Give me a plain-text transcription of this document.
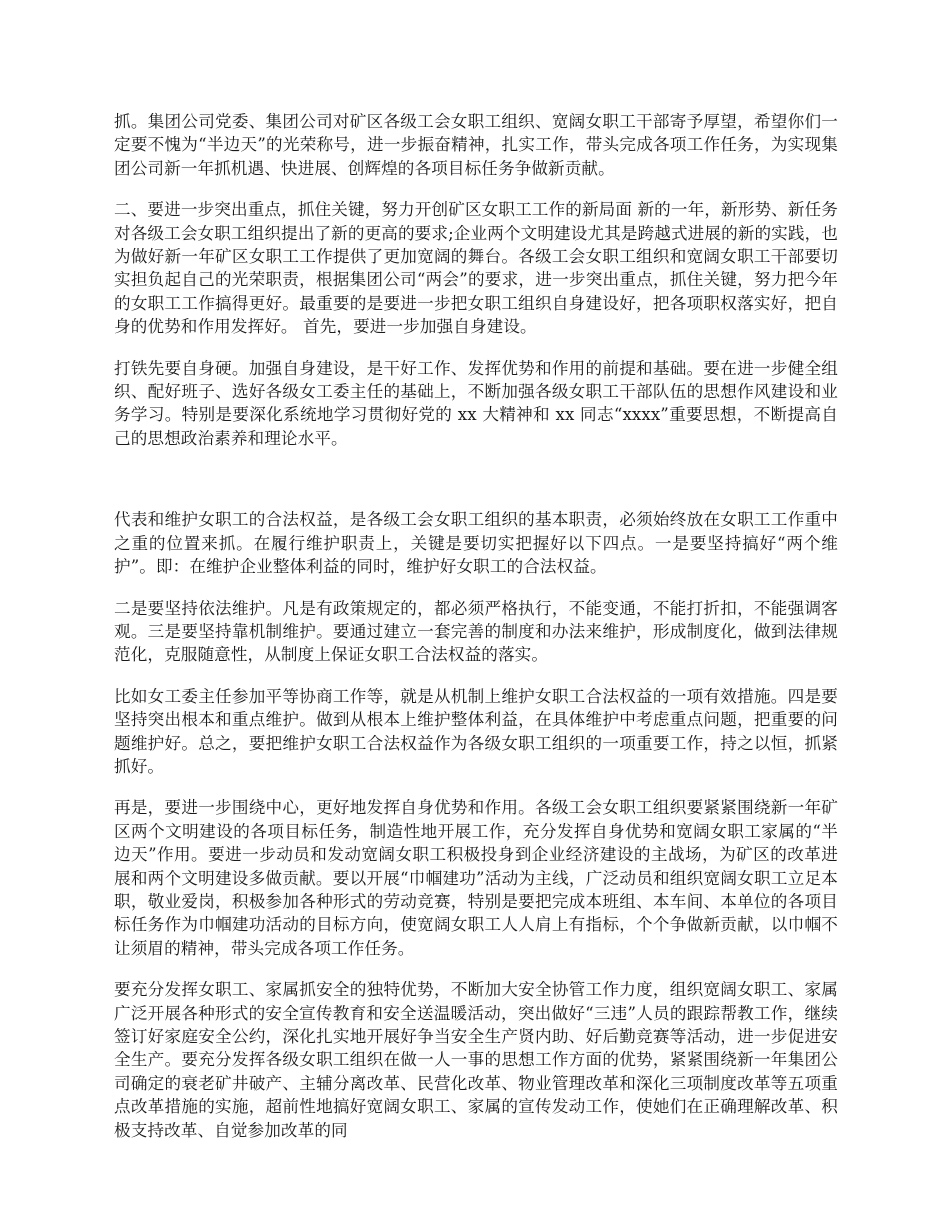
抓。集团公司党委、集团公司对矿区各级工会女职工组织、宽阔女职工干部寄予厚望，希望你们一定要不愧为“半边天”的光荣称号，进一步振奋精神，扎实工作，带头完成各项工作任务，为实现集团公司新一年抓机遇、快进展、创辉煌的各项目标任务争做新贡献。

二、要进一步突出重点，抓住关键，努力开创矿区女职工工作的新局面 新的一年，新形势、新任务对各级工会女职工组织提出了新的更高的要求;企业两个文明建设尤其是跨越式进展的新的实践，也为做好新一年矿区女职工工作提供了更加宽阔的舞台。各级工会女职工组织和宽阔女职工干部要切实担负起自己的光荣职责，根据集团公司“两会”的要求，进一步突出重点，抓住关键，努力把今年的女职工工作搞得更好。最重要的是要进一步把女职工组织自身建设好，把各项职权落实好，把自身的优势和作用发挥好。 首先，要进一步加强自身建设。

打铁先要自身硬。加强自身建设，是干好工作、发挥优势和作用的前提和基础。要在进一步健全组织、配好班子、选好各级女工委主任的基础上，不断加强各级女职工干部队伍的思想作风建设和业务学习。特别是要深化系统地学习贯彻好党的 xx 大精神和 xx 同志“xxxx”重要思想，不断提高自己的思想政治素养和理论水平。

代表和维护女职工的合法权益，是各级工会女职工组织的基本职责，必须始终放在女职工工作重中之重的位置来抓。在履行维护职责上，关键是要切实把握好以下四点。一是要坚持搞好“两个维护”。即：在维护企业整体利益的同时，维护好女职工的合法权益。

二是要坚持依法维护。凡是有政策规定的，都必须严格执行，不能变通，不能打折扣，不能强调客观。三是要坚持靠机制维护。要通过建立一套完善的制度和办法来维护，形成制度化，做到法律规范化，克服随意性，从制度上保证女职工合法权益的落实。

比如女工委主任参加平等协商工作等，就是从机制上维护女职工合法权益的一项有效措施。四是要坚持突出根本和重点维护。做到从根本上维护整体利益，在具体维护中考虑重点问题，把重要的问题维护好。总之，要把维护女职工合法权益作为各级女职工组织的一项重要工作，持之以恒，抓紧抓好。

再是，要进一步围绕中心，更好地发挥自身优势和作用。各级工会女职工组织要紧紧围绕新一年矿区两个文明建设的各项目标任务，制造性地开展工作，充分发挥自身优势和宽阔女职工家属的“半边天”作用。要进一步动员和发动宽阔女职工积极投身到企业经济建设的主战场，为矿区的改革进展和两个文明建设多做贡献。要以开展“巾帼建功”活动为主线，广泛动员和组织宽阔女职工立足本职，敬业爱岗，积极参加各种形式的劳动竞赛，特别是要把完成本班组、本车间、本单位的各项目标任务作为巾帼建功活动的目标方向，使宽阔女职工人人肩上有指标，个个争做新贡献，以巾帼不让须眉的精神，带头完成各项工作任务。

要充分发挥女职工、家属抓安全的独特优势，不断加大安全协管工作力度，组织宽阔女职工、家属广泛开展各种形式的安全宣传教育和安全送温暖活动，突出做好“三违”人员的跟踪帮教工作，继续签订好家庭安全公约，深化扎实地开展好争当安全生产贤内助、好后勤竞赛等活动，进一步促进安全生产。要充分发挥各级女职工组织在做一人一事的思想工作方面的优势，紧紧围绕新一年集团公司确定的衰老矿井破产、主辅分离改革、民营化改革、物业管理改革和深化三项制度改革等五项重点改革措施的实施，超前性地搞好宽阔女职工、家属的宣传发动工作，使她们在正确理解改革、积极支持改革、自觉参加改革的同
